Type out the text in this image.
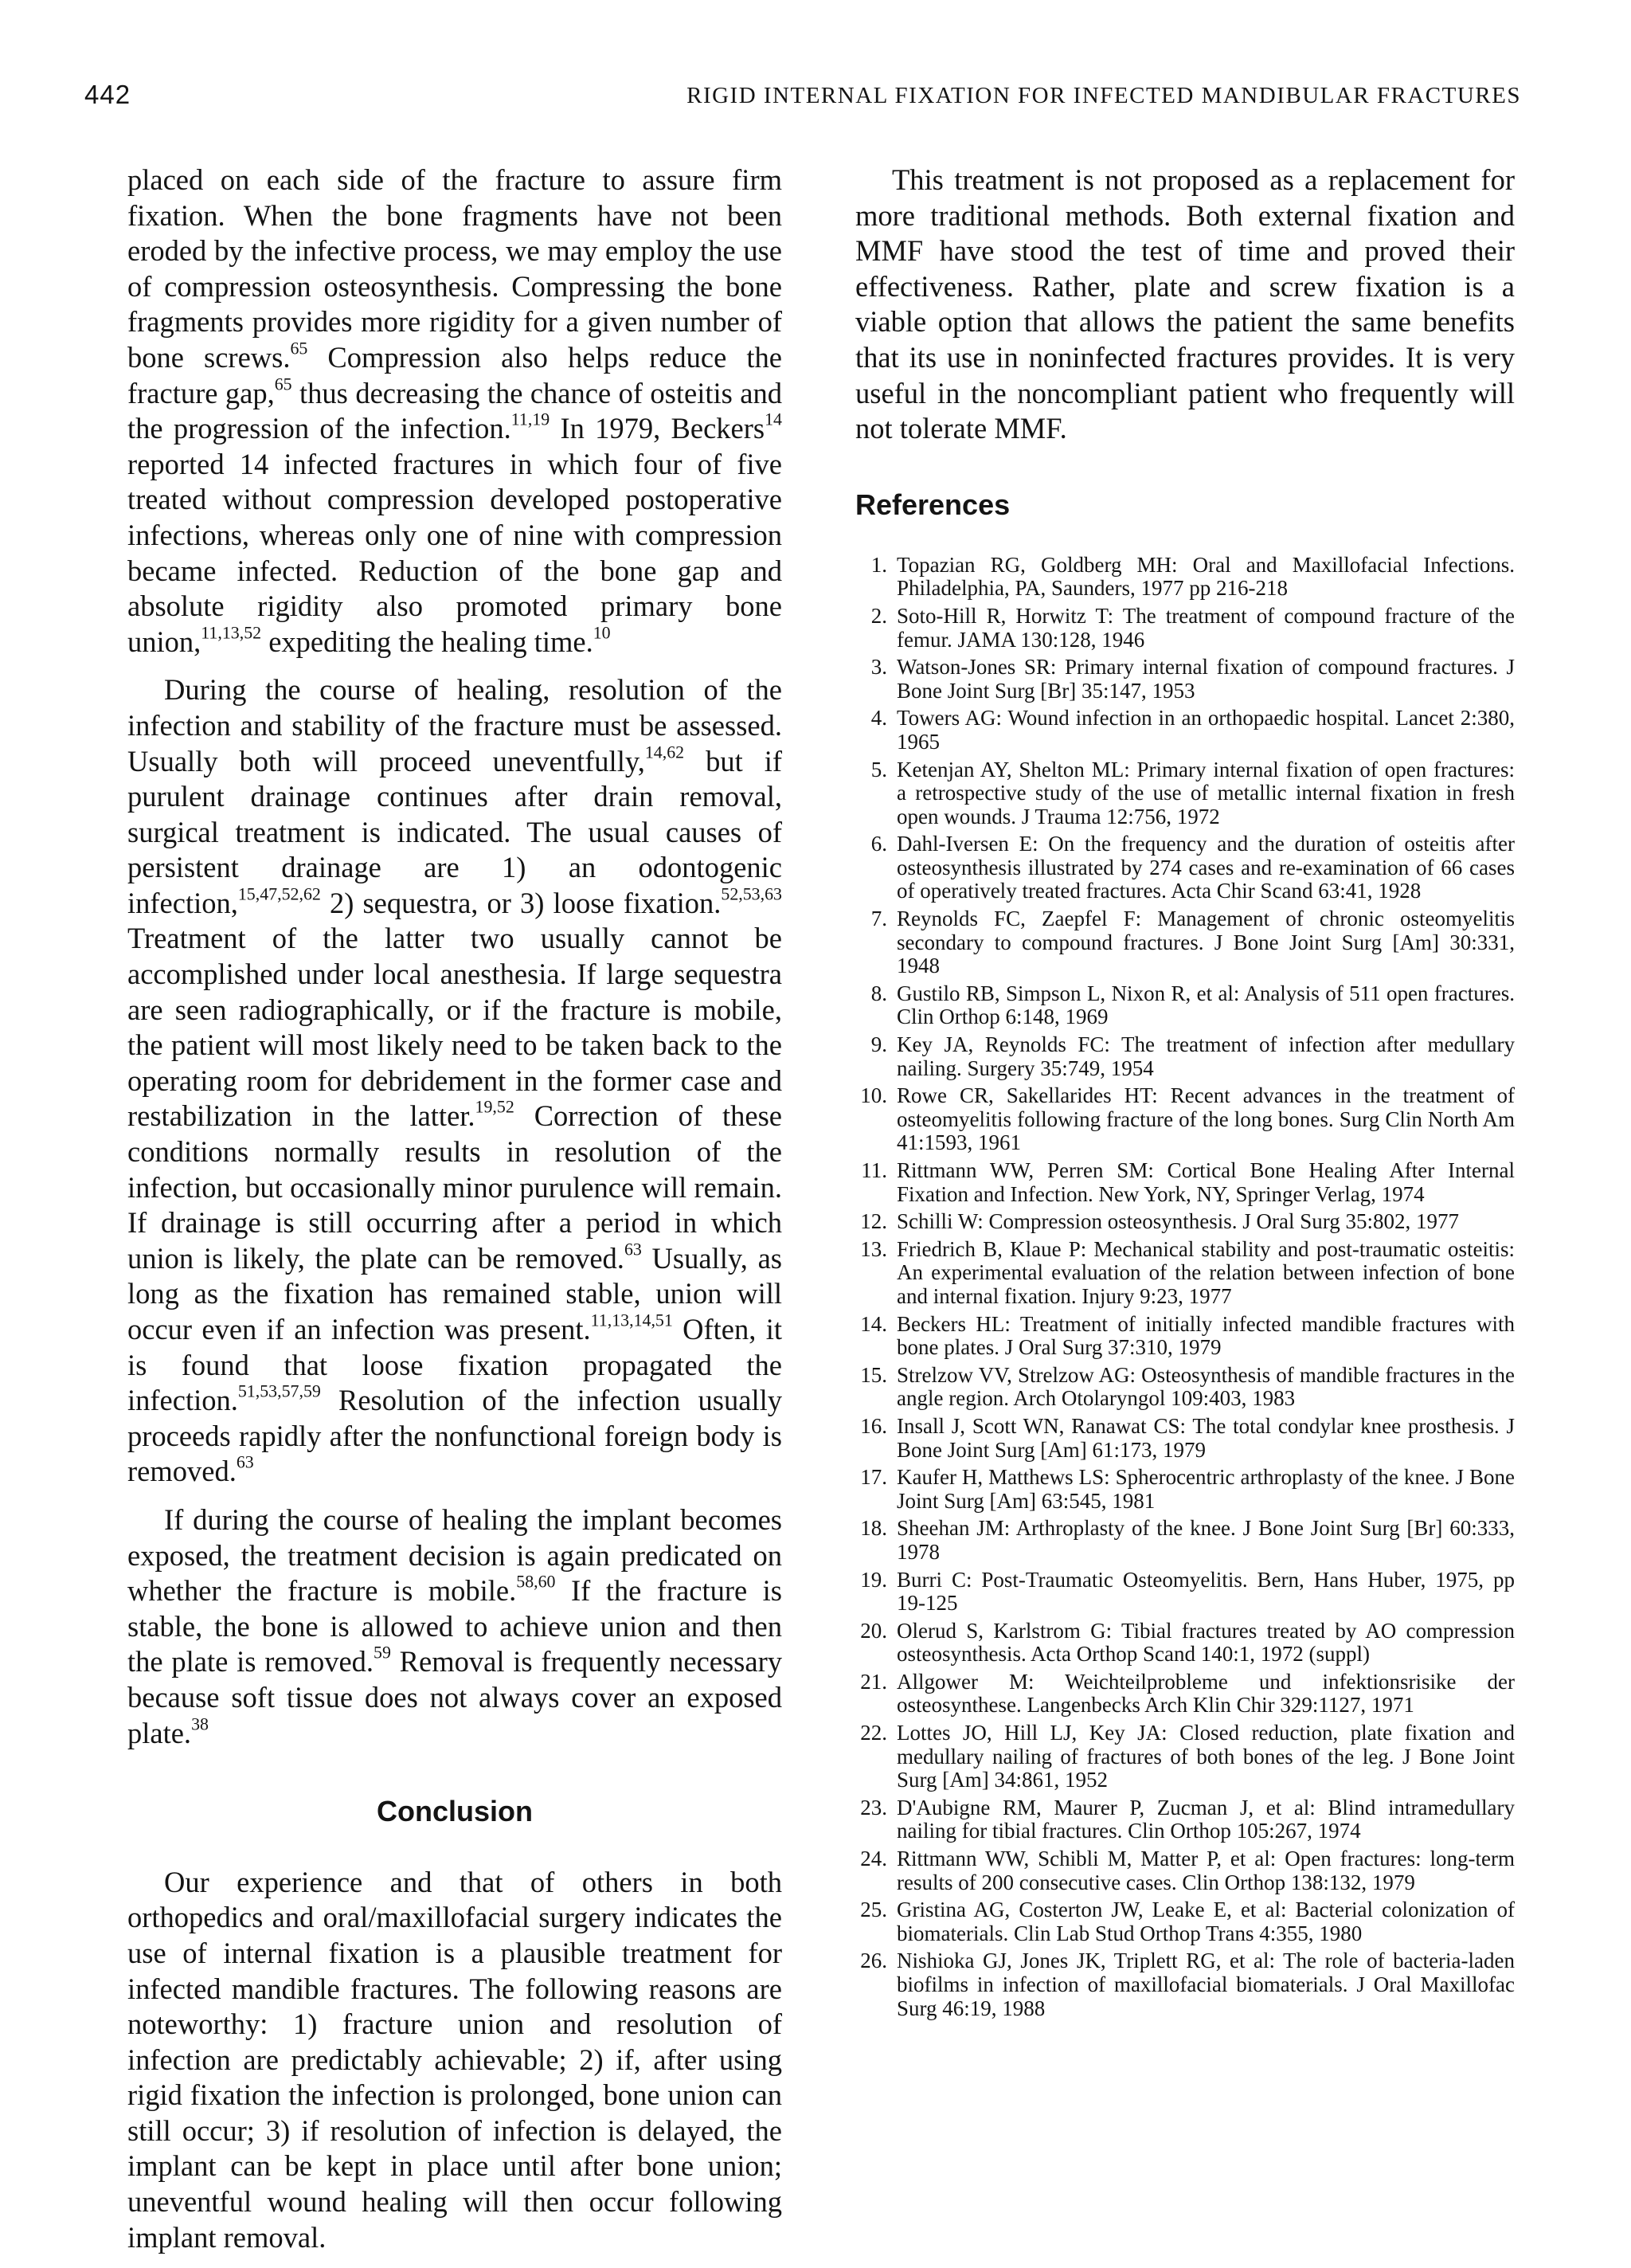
442	RIGID INTERNAL FIXATION FOR INFECTED MANDIBULAR FRACTURES

placed on each side of the fracture to assure firm fixation. When the bone fragments have not been eroded by the infective process, we may employ the use of compression osteosynthesis. Compressing the bone fragments provides more rigidity for a given number of bone screws.$^{65}$ Compression also helps reduce the fracture gap,$^{65}$ thus decreasing the chance of osteitis and the progression of the infection.$^{11,19}$ In 1979, Beckers$^{14}$ reported 14 infected fractures in which four of five treated without compression developed postoperative infections, whereas only one of nine with compression became infected. Reduction of the bone gap and absolute rigidity also promoted primary bone union,$^{11,13,52}$ expediting the healing time.$^{10}$

During the course of healing, resolution of the infection and stability of the fracture must be assessed. Usually both will proceed uneventfully,$^{14,62}$ but if purulent drainage continues after drain removal, surgical treatment is indicated. The usual causes of persistent drainage are 1) an odontogenic infection,$^{15,47,52,62}$ 2) sequestra, or 3) loose fixation.$^{52,53,63}$ Treatment of the latter two usually cannot be accomplished under local anesthesia. If large sequestra are seen radiographically, or if the fracture is mobile, the patient will most likely need to be taken back to the operating room for debridement in the former case and restabilization in the latter.$^{19,52}$ Correction of these conditions normally results in resolution of the infection, but occasionally minor purulence will remain. If drainage is still occurring after a period in which union is likely, the plate can be removed.$^{63}$ Usually, as long as the fixation has remained stable, union will occur even if an infection was present.$^{11,13,14,51}$ Often, it is found that loose fixation propagated the infection.$^{51,53,57,59}$ Resolution of the infection usually proceeds rapidly after the nonfunctional foreign body is removed.$^{63}$

If during the course of healing the implant becomes exposed, the treatment decision is again predicated on whether the fracture is mobile.$^{58,60}$ If the fracture is stable, the bone is allowed to achieve union and then the plate is removed.$^{59}$ Removal is frequently necessary because soft tissue does not always cover an exposed plate.$^{38}$

Conclusion

Our experience and that of others in both orthopedics and oral/maxillofacial surgery indicates the use of internal fixation is a plausible treatment for infected mandible fractures. The following reasons are noteworthy: 1) fracture union and resolution of infection are predictably achievable; 2) if, after using rigid fixation the infection is prolonged, bone union can still occur; 3) if resolution of infection is delayed, the implant can be kept in place until after bone union; uneventful wound healing will then occur following implant removal.

This treatment is not proposed as a replacement for more traditional methods. Both external fixation and MMF have stood the test of time and proved their effectiveness. Rather, plate and screw fixation is a viable option that allows the patient the same benefits that its use in noninfected fractures provides. It is very useful in the noncompliant patient who frequently will not tolerate MMF.

References
1. Topazian RG, Goldberg MH: Oral and Maxillofacial Infections. Philadelphia, PA, Saunders, 1977 pp 216-218
2. Soto-Hill R, Horwitz T: The treatment of compound fracture of the femur. JAMA 130:128, 1946
3. Watson-Jones SR: Primary internal fixation of compound fractures. J Bone Joint Surg [Br] 35:147, 1953
4. Towers AG: Wound infection in an orthopaedic hospital. Lancet 2:380, 1965
5. Ketenjan AY, Shelton ML: Primary internal fixation of open fractures: a retrospective study of the use of metallic internal fixation in fresh open wounds. J Trauma 12:756, 1972
6. Dahl-Iversen E: On the frequency and the duration of osteitis after osteosynthesis illustrated by 274 cases and re-examination of 66 cases of operatively treated fractures. Acta Chir Scand 63:41, 1928
7. Reynolds FC, Zaepfel F: Management of chronic osteomyelitis secondary to compound fractures. J Bone Joint Surg [Am] 30:331, 1948
8. Gustilo RB, Simpson L, Nixon R, et al: Analysis of 511 open fractures. Clin Orthop 6:148, 1969
9. Key JA, Reynolds FC: The treatment of infection after medullary nailing. Surgery 35:749, 1954
10. Rowe CR, Sakellarides HT: Recent advances in the treatment of osteomyelitis following fracture of the long bones. Surg Clin North Am 41:1593, 1961
11. Rittmann WW, Perren SM: Cortical Bone Healing After Internal Fixation and Infection. New York, NY, Springer Verlag, 1974
12. Schilli W: Compression osteosynthesis. J Oral Surg 35:802, 1977
13. Friedrich B, Klaue P: Mechanical stability and post-traumatic osteitis: An experimental evaluation of the relation between infection of bone and internal fixation. Injury 9:23, 1977
14. Beckers HL: Treatment of initially infected mandible fractures with bone plates. J Oral Surg 37:310, 1979
15. Strelzow VV, Strelzow AG: Osteosynthesis of mandible fractures in the angle region. Arch Otolaryngol 109:403, 1983
16. Insall J, Scott WN, Ranawat CS: The total condylar knee prosthesis. J Bone Joint Surg [Am] 61:173, 1979
17. Kaufer H, Matthews LS: Spherocentric arthroplasty of the knee. J Bone Joint Surg [Am] 63:545, 1981
18. Sheehan JM: Arthroplasty of the knee. J Bone Joint Surg [Br] 60:333, 1978
19. Burri C: Post-Traumatic Osteomyelitis. Bern, Hans Huber, 1975, pp 19-125
20. Olerud S, Karlstrom G: Tibial fractures treated by AO compression osteosynthesis. Acta Orthop Scand 140:1, 1972 (suppl)
21. Allgower M: Weichteilprobleme und infektionsrisike der osteosynthese. Langenbecks Arch Klin Chir 329:1127, 1971
22. Lottes JO, Hill LJ, Key JA: Closed reduction, plate fixation and medullary nailing of fractures of both bones of the leg. J Bone Joint Surg [Am] 34:861, 1952
23. D'Aubigne RM, Maurer P, Zucman J, et al: Blind intramedullary nailing for tibial fractures. Clin Orthop 105:267, 1974
24. Rittmann WW, Schibli M, Matter P, et al: Open fractures: long-term results of 200 consecutive cases. Clin Orthop 138:132, 1979
25. Gristina AG, Costerton JW, Leake E, et al: Bacterial colonization of biomaterials. Clin Lab Stud Orthop Trans 4:355, 1980
26. Nishioka GJ, Jones JK, Triplett RG, et al: The role of bacteria-laden biofilms in infection of maxillofacial biomaterials. J Oral Maxillofac Surg 46:19, 1988
